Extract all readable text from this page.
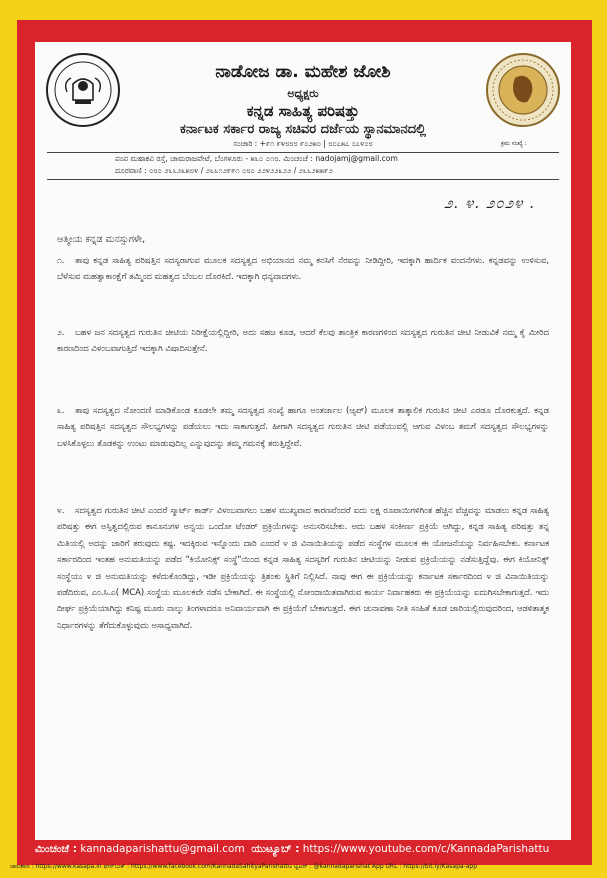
ನಾಡೋಜ ಡಾ. ಮಹೇಶ ಜೋಶಿ
ಅಧ್ಯಕ್ಷರು
ಕನ್ನಡ ಸಾಹಿತ್ಯ ಪರಿಷತ್ತು
ಕರ್ನಾಟಕ ಸರ್ಕಾರ ರಾಜ್ಯ ಸಚಿವರ ದರ್ಜೆಯ ಸ್ಥಾನಮಾನದಲ್ಲಿ
ಸಂಚಾರಿ : +೯೧ ೯೪೮೮೮ ೯೦೨೫೦ | ೮೦೭೫೭ ೦೭೪೦೮	ಕ್ರಮ ಸಂಖ್ಯೆ :
ಪಂಪ ಮಹಾಕವಿ ರಸ್ತೆ, ಚಾಮರಾಜಪೇಟೆ, ಬೆಂಗಳೂರು - ೫೬೦ ೦೧೮. ಮಿಂಚಂಚೆ : nadojamj@gmail.com
ದೂರವಾಣಿ : ೦೮೦ ೨೬೬೨೩೫೮೪ / ೨೬೬೧೨೯೯೧ ೦೮೦ ೨೨೪೨೨೩೨೨ / ೨೬೬೨೫೫೯೨
೨. ೪. ೨೦೨೪ .
ಆತ್ಮೀಯ ಕನ್ನಡ ಮನಸ್ಸುಗಳೇ,
೧. ತಾವು ಕನ್ನಡ ಸಾಹಿತ್ಯ ಪರಿಷತ್ತಿನ ಸದಸ್ಯರಾಗುವ ಮೂಲಕ ಸದಸ್ಯತ್ವದ ಅಭಿಯಾನದ ನಮ್ಮ ಕನಸಿಗೆ ನೆರವನ್ನು ನೀಡಿದ್ದೀರಿ, ಇದಕ್ಕಾಗಿ ಹಾರ್ದಿಕ ವಂದನೆಗಳು. ಕನ್ನಡವನ್ನು ಉಳಿಸುವ, ಬೆಳೆಸುವ ಮಹತ್ವಾಕಾಂಕ್ಷೆಗೆ ತಮ್ಮಿಂದ ಮಹತ್ವದ ಬೆಂಬಲ ದೊರಕಿದೆ. ಇದಕ್ಕಾಗಿ ಧನ್ಯವಾದಗಳು.
೨. ಬಹಳ ಜನ ಸದಸ್ಯತ್ವದ ಗುರುತಿನ ಚೀಟಿಯ ನಿರೀಕ್ಷೆಯಲ್ಲಿದ್ದೀರಿ, ಅದು ಸಹಜ ಕೂಡ, ಆದರೆ ಕೆಲವು ತಾಂತ್ರಿಕ ಕಾರಣಗಳಿಂದ ಸದಸ್ಯತ್ವದ ಗುರುತಿನ ಚೀಟಿ ನೀಡುವಿಕೆ ನಮ್ಮ ಕೈ ಮೀರಿದ ಕಾರಣದಿಂದ ವಿಳಂಬವಾಗುತ್ತಿದೆ ಇದಕ್ಕಾಗಿ ವಿಷಾದಿಸುತ್ತೇನೆ.
೩. ತಾವು ಸದಸ್ಯತ್ವದ ನೋಂದಣಿ ಮಾಡಿಕೊಂಡ ಕೂಡಲೇ ತಮ್ಮ ಸದಸ್ಯತ್ವದ ಸಂಖ್ಯೆ ಹಾಗೂ ಅಂತರ್ಜಾಲ (ಆ್ಯಪ್) ಮೂಲಕ ತಾತ್ಕಾಲಿಕ ಗುರುತಿನ ಚೀಟಿ ಎರಡೂ ದೊರಕುತ್ತದೆ. ಕನ್ನಡ ಸಾಹಿತ್ಯ ಪರಿಷತ್ತಿನ ಸದಸ್ಯತ್ವದ ಸೌಲಭ್ಯಗಳನ್ನು ಪಡೆಯಲು ಇದು ಸಾಕಾಗುತ್ತದೆ. ಹೀಗಾಗಿ ಸದಸ್ಯತ್ವದ ಗುರುತಿನ ಚೀಟಿ ಪಡೆಯುವಲ್ಲಿ ಆಗುವ ವಿಳಂಬ ತಮಗೆ ಸದಸ್ಯತ್ವದ ಸೌಲಭ್ಯಗಳನ್ನು ಬಳಸಿಕೊಳ್ಳಲು ತೊಡಕನ್ನು ಉಂಟು ಮಾಡುವುದಿಲ್ಲ ಎನ್ನುವುದನ್ನು ತಮ್ಮ ಗಮನಕ್ಕೆ ತರುತ್ತಿದ್ದೇವೆ.
೪. ಸದಸ್ಯತ್ವದ ಗುರುತಿನ ಚೀಟಿ ಎಂದರೆ ಸ್ಮಾರ್ಟ್ ಕಾರ್ಡ್ ವಿಳಂಬವಾಗಲು ಬಹಳ ಮುಖ್ಯವಾದ ಕಾರಣವೆಂದರೆ ಐದು ಲಕ್ಷ ರೂಪಾಯಿಗಳಿಗಿಂತ ಹೆಚ್ಚಿನ ವೆಚ್ಚವನ್ನು ಮಾಡಲು ಕನ್ನಡ ಸಾಹಿತ್ಯ ಪರಿಷತ್ತು ಈಗ ಅಸ್ತಿತ್ವದಲ್ಲಿರುವ ಕಾನೂನುಗಳ ಅನ್ವಯ ಒಂದೋ ಟೆಂಡರ್ ಪ್ರಕ್ರಿಯೆಗಳನ್ನು ಅನುಸರಿಸಬೇಕು. ಅದು ಬಹಳ ಸಂಕೀರ್ಣ ಪ್ರಕ್ರಿಯೆ ಆಗಿದ್ದು, ಕನ್ನಡ ಸಾಹಿತ್ಯ ಪರಿಷತ್ತು ತನ್ನ ಮಿತಿಯಲ್ಲಿ ಅದನ್ನು ಜಾರಿಗೆ ತರುವುದು ಕಷ್ಟ. ಇದಕ್ಕಿರುವ ಇನ್ನೊಂದು ದಾರಿ ಎಂದರೆ ೪ ಜಿ ವಿನಾಯಿತಿಯನ್ನು ಪಡೆದ ಸಂಸ್ಥೆಗಳ ಮೂಲಕ ಈ ಯೋಜನೆಯನ್ನು ನಿರ್ವಹಿಸಬೇಕು. ಕರ್ನಾಟಕ ಸರ್ಕಾರದಿಂದ ಇಂತಹ ಅನುಮತಿಯನ್ನು ಪಡೆದ "ಕಿಯೋನಿಕ್ಸ್ ಸಂಸ್ಥೆ"ಯಿಂದ ಕನ್ನಡ ಸಾಹಿತ್ಯ ಸದಸ್ಯರಿಗೆ ಗುರುತಿನ ಚೀಟಿಯನ್ನು ನೀಡುವ ಪ್ರಕ್ರಿಯೆಯನ್ನು ನಡೆಸುತ್ತಿದ್ದೆವು. ಈಗ ಕಿಯೋನಿಕ್ಸ್ ಸಂಸ್ಥೆಯು ೪ ಜಿ ಅನುಮತಿಯನ್ನು ಕಳೆದುಕೊಂಡಿದ್ದು, ಇಡೀ ಪ್ರಕ್ರಿಯೆಯನ್ನು ತ್ರಿಶಂಕು ಸ್ಥಿತಿಗೆ ನಿಲ್ಲಿಸಿದೆ. ನಾವು ಈಗ ಈ ಪ್ರಕ್ರಿಯೆಯನ್ನು ಕರ್ನಾಟಕ ಸರ್ಕಾರದಿಂದ ೪ ಜಿ ವಿನಾಯಿತಿಯನ್ನು ಪಡೆದಿರುವ, ಎಂ.ಸಿ.ಎ( MCA) ಸಂಸ್ಥೆಯ ಮೂಲಕವೇ ನಡೆಸ ಬೇಕಾಗಿದೆ. ಈ ಸಂಸ್ಥೆಯಲ್ಲಿ ನೋಂದಾಯಿತವಾಗಿರುವ ಕಾರ್ಯ ನಿರ್ವಾಹಕರು ಈ ಪ್ರಕ್ರಿಯೆಯನ್ನು ಐದುಗಿಸಬೇಕಾಗುತ್ತದೆ. ಇದು ದೀರ್ಘ ಪ್ರಕ್ರಿಯೆಯಾಗಿದ್ದು ಕನಿಷ್ಟ ಮೂರು ನಾಲ್ಕು ತಿಂಗಳಾದರೂ ಅನಿವಾರ್ಯವಾಗಿ ಈ ಪ್ರಕ್ರಿಯೆಗೆ ಬೇಕಾಗುತ್ತದೆ. ಈಗ ಚುನಾವಣಾ ನೀತಿ ಸಂಹಿತೆ ಕೂಡ ಜಾರಿಯಲ್ಲಿರುವುದರಿಂದ, ಆಡಳಿತಾತ್ಮಕ ನಿರ್ಧಾರಗಳನ್ನು ತೆಗೆದುಕೊಳ್ಳುವುದು ಅಸಾಧ್ಯವಾಗಿದೆ.
ಮಿಂಚಂಚೆ : kannadaparishattu@gmail.com ಯುಟ್ಯೂಬ್ : https://www.youtube.com/c/KannadaParishattu
ಜಾಲತಾಣ : https://www.kasapa.in ಫೇಸ್‌ಬುಕ್ : https://www.facebook.com/KannadaSahityaParishattu ಟ್ವಿಟರ್ : @kannadaparishat App URL : https://bit.ly/Kasapa-app
